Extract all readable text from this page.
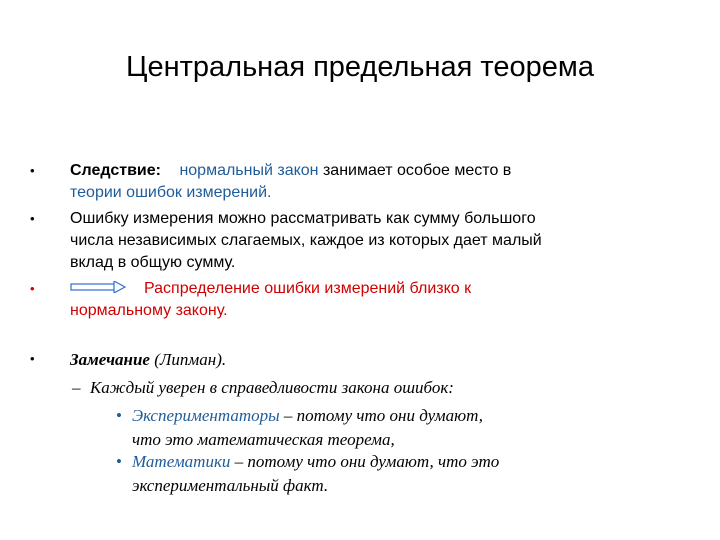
Центральная предельная теорема
•	Следствие: нормальный закон занимает особое место в
теории ошибок измерений.
•	Ошибку измерения можно рассматривать как сумму большого
числа независимых слагаемых, каждое из которых дает малый
вклад в общую сумму.
•	Распределение ошибки измерений близко к
нормальному закону.
•	Замечание (Липман).
– Каждый уверен в справедливости закона ошибок:
• Экспериментаторы – потому что они думают,
что это математическая теорема,
• Математики – потому что они думают, что это
экспериментальный факт.
